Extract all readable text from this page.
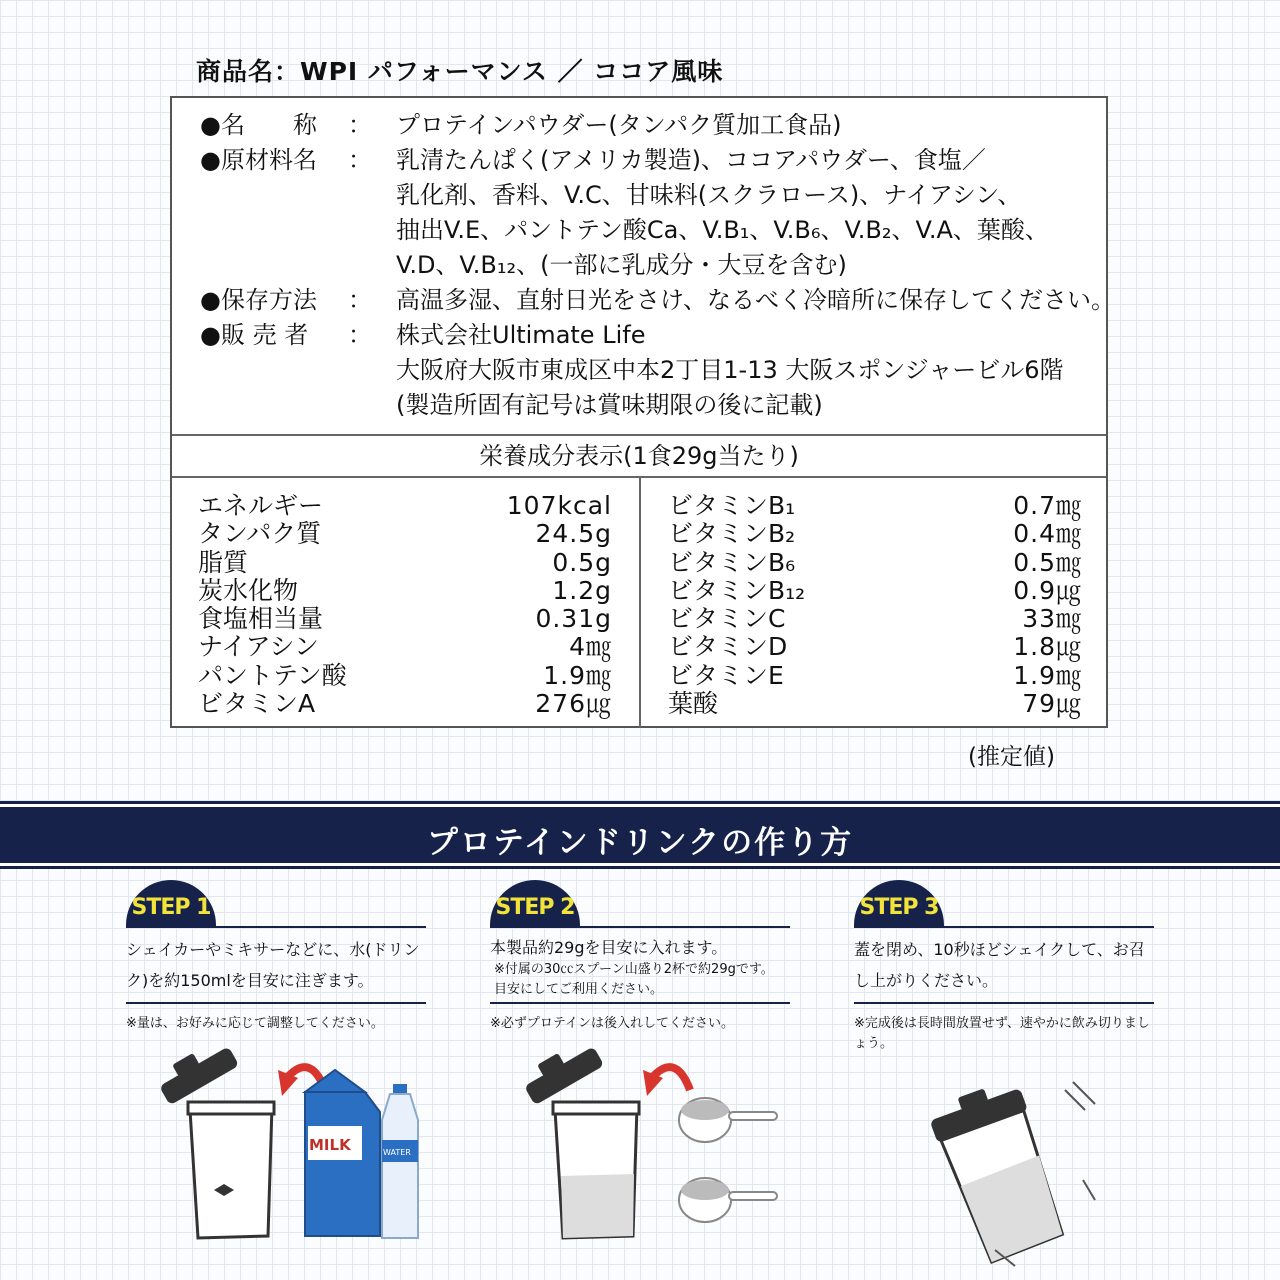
商品名：WPI パフォーマンス ／ ココア風味
●名　　称	： プロテインパウダー(タンパク質加工食品)
●原材料名	： 乳清たんぱく(アメリカ製造)、ココアパウダー、食塩／
乳化剤、香料、V.C、甘味料(スクラロース)、ナイアシン、
抽出V.E、パントテン酸Ca、V.B₁、V.B₆、V.B₂、V.A、葉酸、
V.D、V.B₁₂、(一部に乳成分・大豆を含む)
●保存方法	： 高温多湿、直射日光をさけ、なるべく冷暗所に保存してください。
●販 売 者	： 株式会社Ultimate Life
大阪府大阪市東成区中本2丁目1-13 大阪スポンジャービル6階
(製造所固有記号は賞味期限の後に記載)
栄養成分表示(1食29g当たり)
エネルギー	107kcal
タンパク質	24.5g
脂質	0.5g
炭水化物	1.2g
食塩相当量	0.31g
ナイアシン	4㎎
パントテン酸	1.9㎎
ビタミンA	276㎍
ビタミンB₁	0.7㎎
ビタミンB₂	0.4㎎
ビタミンB₆	0.5㎎
ビタミンB₁₂	0.9㎍
ビタミンC	33㎎
ビタミンD	1.8㎍
ビタミンE	1.9㎎
葉酸	79㎍
(推定値)
プロテインドリンクの作り方
STEP 1
シェイカーやミキサーなどに、水(ドリンク)を約150mlを目安に注ぎます。
※量は、お好みに応じて調整してください。
STEP 2
本製品約29gを目安に入れます。
※付属の30㏄スプーン山盛り2杯で約29gです。目安にしてご利用ください。
※必ずプロテインは後入れしてください。
STEP 3
蓋を閉め、10秒ほどシェイクして、お召し上がりください。
※完成後は長時間放置せず、速やかに飲み切りましょう。
MILK	WATER
